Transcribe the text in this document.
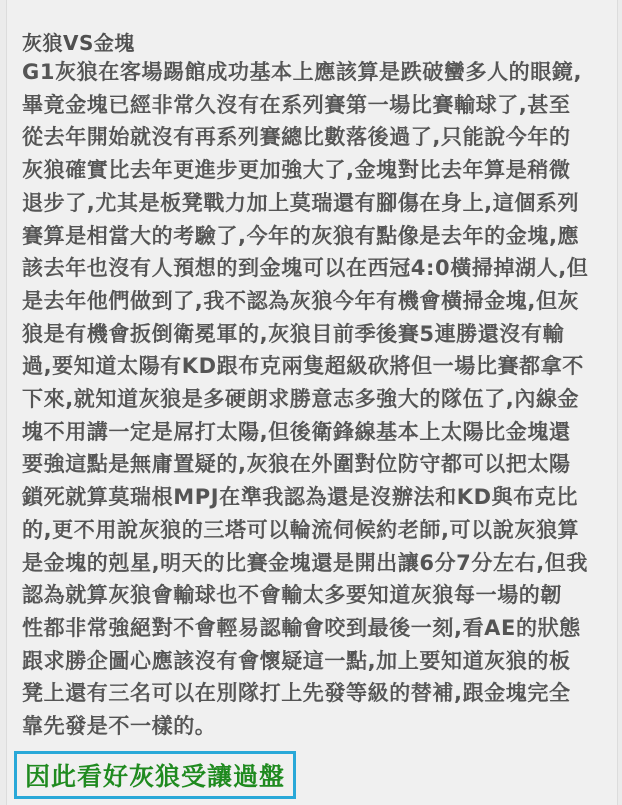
灰狼VS金塊
G1灰狼在客場踢館成功基本上應該算是跌破蠻多人的眼鏡,
畢竟金塊已經非常久沒有在系列賽第一場比賽輸球了,甚至
從去年開始就沒有再系列賽總比數落後過了,只能說今年的
灰狼確實比去年更進步更加強大了,金塊對比去年算是稍微
退步了,尤其是板凳戰力加上莫瑞還有腳傷在身上,這個系列
賽算是相當大的考驗了,今年的灰狼有點像是去年的金塊,應
該去年也沒有人預想的到金塊可以在西冠4:0橫掃掉湖人,但
是去年他們做到了,我不認為灰狼今年有機會橫掃金塊,但灰
狼是有機會扳倒衛冕軍的,灰狼目前季後賽5連勝還沒有輸
過,要知道太陽有KD跟布克兩隻超級砍將但一場比賽都拿不
下來,就知道灰狼是多硬朗求勝意志多強大的隊伍了,內線金
塊不用講一定是屌打太陽,但後衛鋒線基本上太陽比金塊還
要強這點是無庸置疑的,灰狼在外圍對位防守都可以把太陽
鎖死就算莫瑞根MPJ在準我認為還是沒辦法和KD與布克比
的,更不用說灰狼的三塔可以輪流伺候約老師,可以說灰狼算
是金塊的剋星,明天的比賽金塊還是開出讓6分7分左右,但我
認為就算灰狼會輸球也不會輸太多要知道灰狼每一場的韌
性都非常強絕對不會輕易認輸會咬到最後一刻,看AE的狀態
跟求勝企圖心應該沒有會懷疑這一點,加上要知道灰狼的板
凳上還有三名可以在別隊打上先發等級的替補,跟金塊完全
靠先發是不一樣的。
因此看好灰狼受讓過盤
